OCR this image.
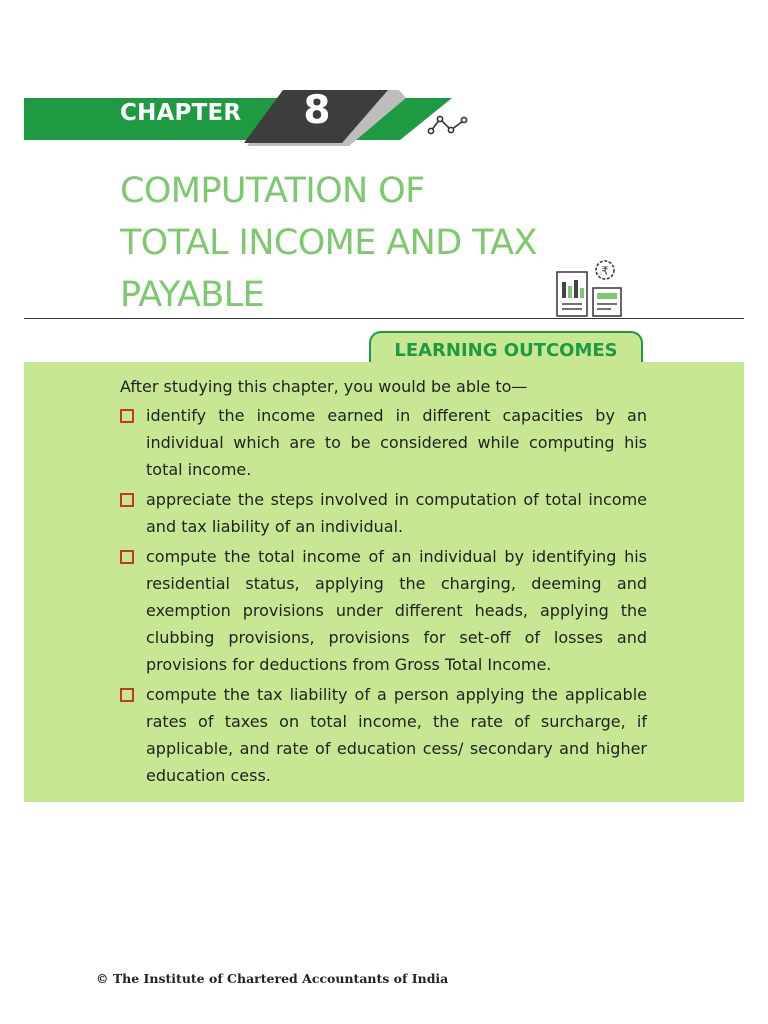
CHAPTER 8
COMPUTATION OF
TOTAL INCOME AND TAX
PAYABLE
₹
LEARNING OUTCOMES
After studying this chapter, you would be able to—
identify the income earned in different capacities by an individual which are to be considered while computing his total income.
appreciate the steps involved in computation of total income and tax liability of an individual.
compute the total income of an individual by identifying his residential status, applying the charging, deeming and exemption provisions under different heads, applying the clubbing provisions, provisions for set-off of losses and provisions for deductions from Gross Total Income.
compute the tax liability of a person applying the applicable rates of taxes on total income, the rate of surcharge, if applicable, and rate of education cess/ secondary and higher education cess.
© The Institute of Chartered Accountants of India
